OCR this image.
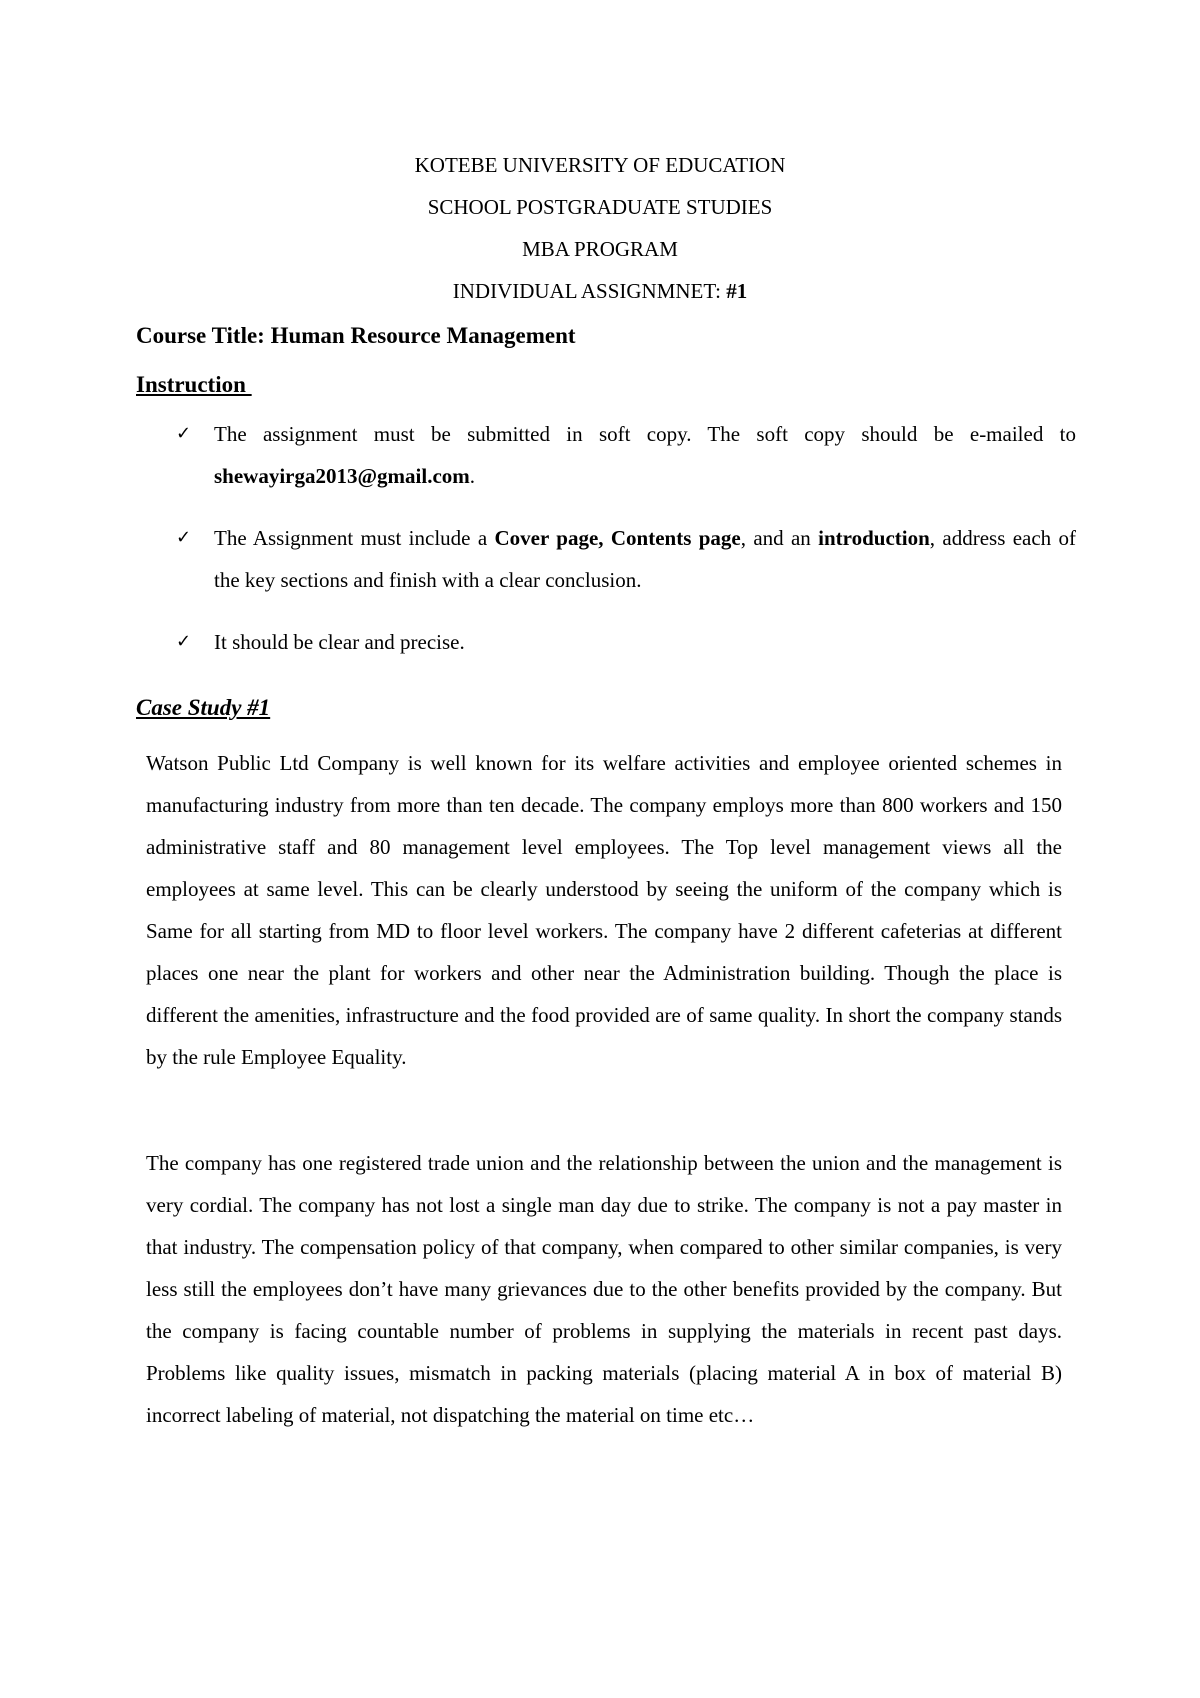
KOTEBE UNIVERSITY OF EDUCATION
SCHOOL POSTGRADUATE STUDIES
MBA PROGRAM
INDIVIDUAL ASSIGNMNET: #1
Course Title: Human Resource Management
Instruction
✓ The assignment must be submitted in soft copy. The soft copy should be e-mailed to shewayirga2013@gmail.com.
✓ The Assignment must include a Cover page, Contents page, and an introduction, address each of the key sections and finish with a clear conclusion.
✓ It should be clear and precise.
Case Study #1

Watson Public Ltd Company is well known for its welfare activities and employee oriented schemes in manufacturing industry from more than ten decade. The company employs more than 800 workers and 150 administrative staff and 80 management level employees. The Top level management views all the employees at same level. This can be clearly understood by seeing the uniform of the company which is Same for all starting from MD to floor level workers. The company have 2 different cafeterias at different places one near the plant for workers and other near the Administration building. Though the place is different the amenities, infrastructure and the food provided are of same quality. In short the company stands by the rule Employee Equality.

The company has one registered trade union and the relationship between the union and the management is very cordial. The company has not lost a single man day due to strike. The company is not a pay master in that industry. The compensation policy of that company, when compared to other similar companies, is very less still the employees don’t have many grievances due to the other benefits provided by the company. But the company is facing countable number of problems in supplying the materials in recent past days. Problems like quality issues, mismatch in packing materials (placing material A in box of material B) incorrect labeling of material, not dispatching the material on time etc…
